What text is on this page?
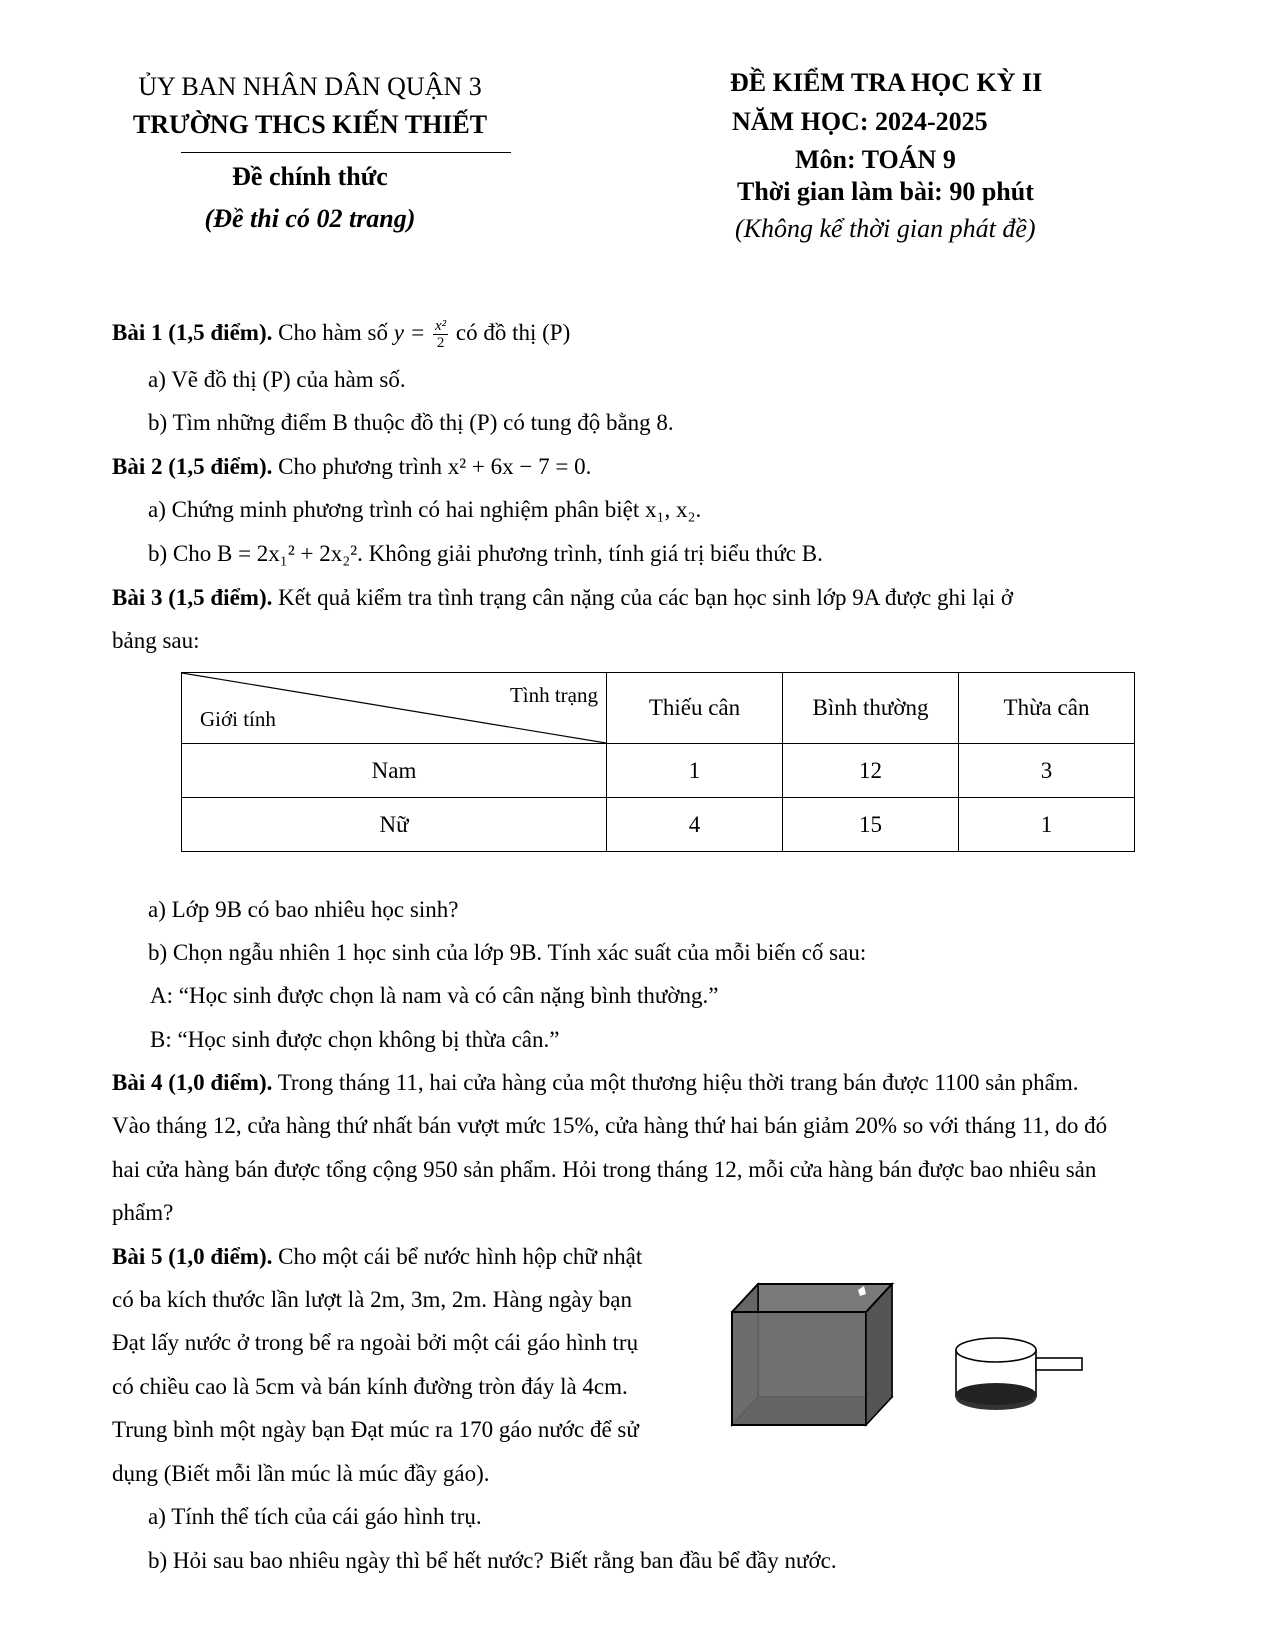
ỦY BAN NHÂN DÂN QUẬN 3
TRƯỜNG THCS KIẾN THIẾT
Đề chính thức
(Đề thi có 02 trang)
ĐỀ KIỂM TRA HỌC KỲ II
NĂM HỌC: 2024-2025
Môn: TOÁN 9
Thời gian làm bài: 90 phút
(Không kể thời gian phát đề)
Bài 1 (1,5 điểm). Cho hàm số $y = \frac{\text{x²}}{2}$ có đồ thị (P)
a) Vẽ đồ thị (P) của hàm số.
b) Tìm những điểm B thuộc đồ thị (P) có tung độ bằng 8.
Bài 2 (1,5 điểm). Cho phương trình x² + 6x − 7 = 0.
a) Chứng minh phương trình có hai nghiệm phân biệt x₁, x₂.
b) Cho B = 2x₁² + 2x₂². Không giải phương trình, tính giá trị biểu thức B.
Bài 3 (1,5 điểm). Kết quả kiểm tra tình trạng cân nặng của các bạn học sinh lớp 9A được ghi lại ở
bảng sau:
Tình trạng
Giới tính	Thiếu cân	Bình thường	Thừa cân
Nam	1	12	3
Nữ	4	15	1
a) Lớp 9B có bao nhiêu học sinh?
b) Chọn ngẫu nhiên 1 học sinh của lớp 9B. Tính xác suất của mỗi biến cố sau:
A: “Học sinh được chọn là nam và có cân nặng bình thường.”
B: “Học sinh được chọn không bị thừa cân.”
Bài 4 (1,0 điểm). Trong tháng 11, hai cửa hàng của một thương hiệu thời trang bán được 1100 sản phẩm.
Vào tháng 12, cửa hàng thứ nhất bán vượt mức 15%, cửa hàng thứ hai bán giảm 20% so với tháng 11, do đó
hai cửa hàng bán được tổng cộng 950 sản phẩm. Hỏi trong tháng 12, mỗi cửa hàng bán được bao nhiêu sản
phẩm?
Bài 5 (1,0 điểm). Cho một cái bể nước hình hộp chữ nhật
có ba kích thước lần lượt là 2m, 3m, 2m. Hàng ngày bạn
Đạt lấy nước ở trong bể ra ngoài bởi một cái gáo hình trụ
có chiều cao là 5cm và bán kính đường tròn đáy là 4cm.
Trung bình một ngày bạn Đạt múc ra 170 gáo nước để sử
dụng (Biết mỗi lần múc là múc đầy gáo).
a) Tính thể tích của cái gáo hình trụ.
b) Hỏi sau bao nhiêu ngày thì bể hết nước? Biết rằng ban đầu bể đầy nước.
